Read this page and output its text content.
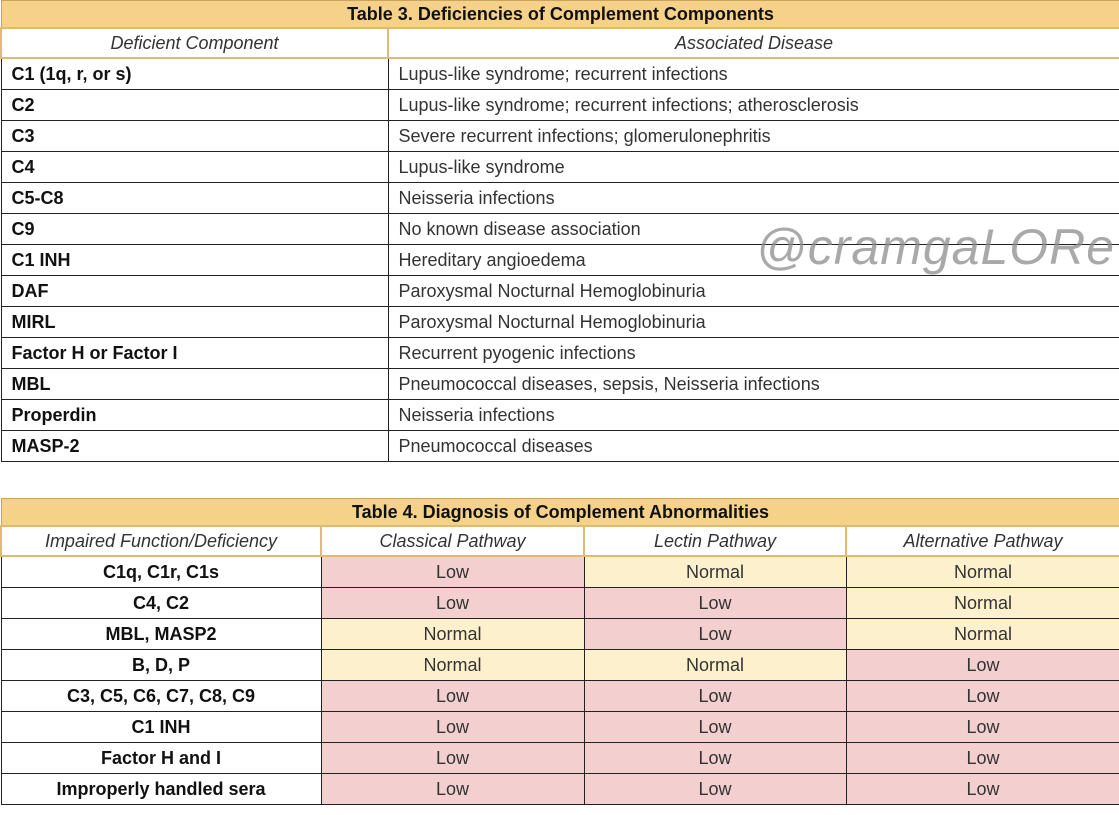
Table 3. Deficiencies of Complement Components	
Deficient Component	Associated Disease
C1 (1q, r, or s)	Lupus-like syndrome; recurrent infections
C2	Lupus-like syndrome; recurrent infections; atherosclerosis
C3	Severe recurrent infections; glomerulonephritis
C4	Lupus-like syndrome
C5-C8	Neisseria infections
C9	No known disease association
C1 INH	Hereditary angioedema
DAF	Paroxysmal Nocturnal Hemoglobinuria
MIRL	Paroxysmal Nocturnal Hemoglobinuria
Factor H or Factor I	Recurrent pyogenic infections
MBL	Pneumococcal diseases, sepsis, Neisseria infections
Properdin	Neisseria infections
MASP-2	Pneumococcal diseases
@cramgaLORe
Table 4. Diagnosis of Complement Abnormalities			
Impaired Function/Deficiency	Classical Pathway	Lectin Pathway	Alternative Pathway
C1q, C1r, C1s	Low	Normal	Normal
C4, C2	Low	Low	Normal
MBL, MASP2	Normal	Low	Normal
B, D, P	Normal	Normal	Low
C3, C5, C6, C7, C8, C9	Low	Low	Low
C1 INH	Low	Low	Low
Factor H and I	Low	Low	Low
Improperly handled sera	Low	Low	Low
